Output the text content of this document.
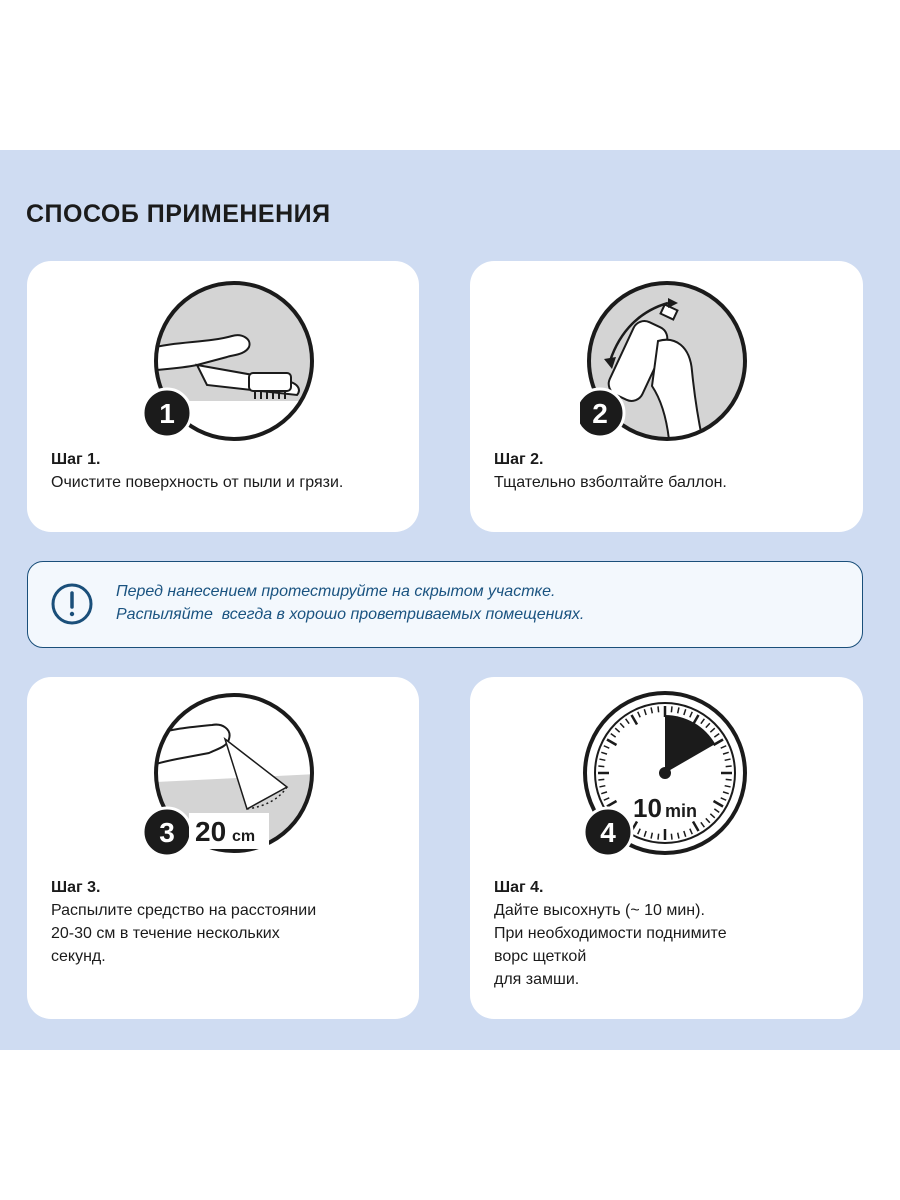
СПОСОБ ПРИМЕНЕНИЯ
1
Шаг 1.
Очистите поверхность от пыли и грязи.
2
Шаг 2.
Тщательно взболтайте баллон.
Перед нанесением протестируйте на скрытом участке.
Распыляйте  всегда в хорошо проветриваемых помещениях.
3 20 cm
Шаг 3.
Распылите средство на расстоянии
20-30 см в течение нескольких
секунд.
10 min
4
Шаг 4.
Дайте высохнуть (~ 10 мин).
При необходимости поднимите
ворс щеткой
для замши.
